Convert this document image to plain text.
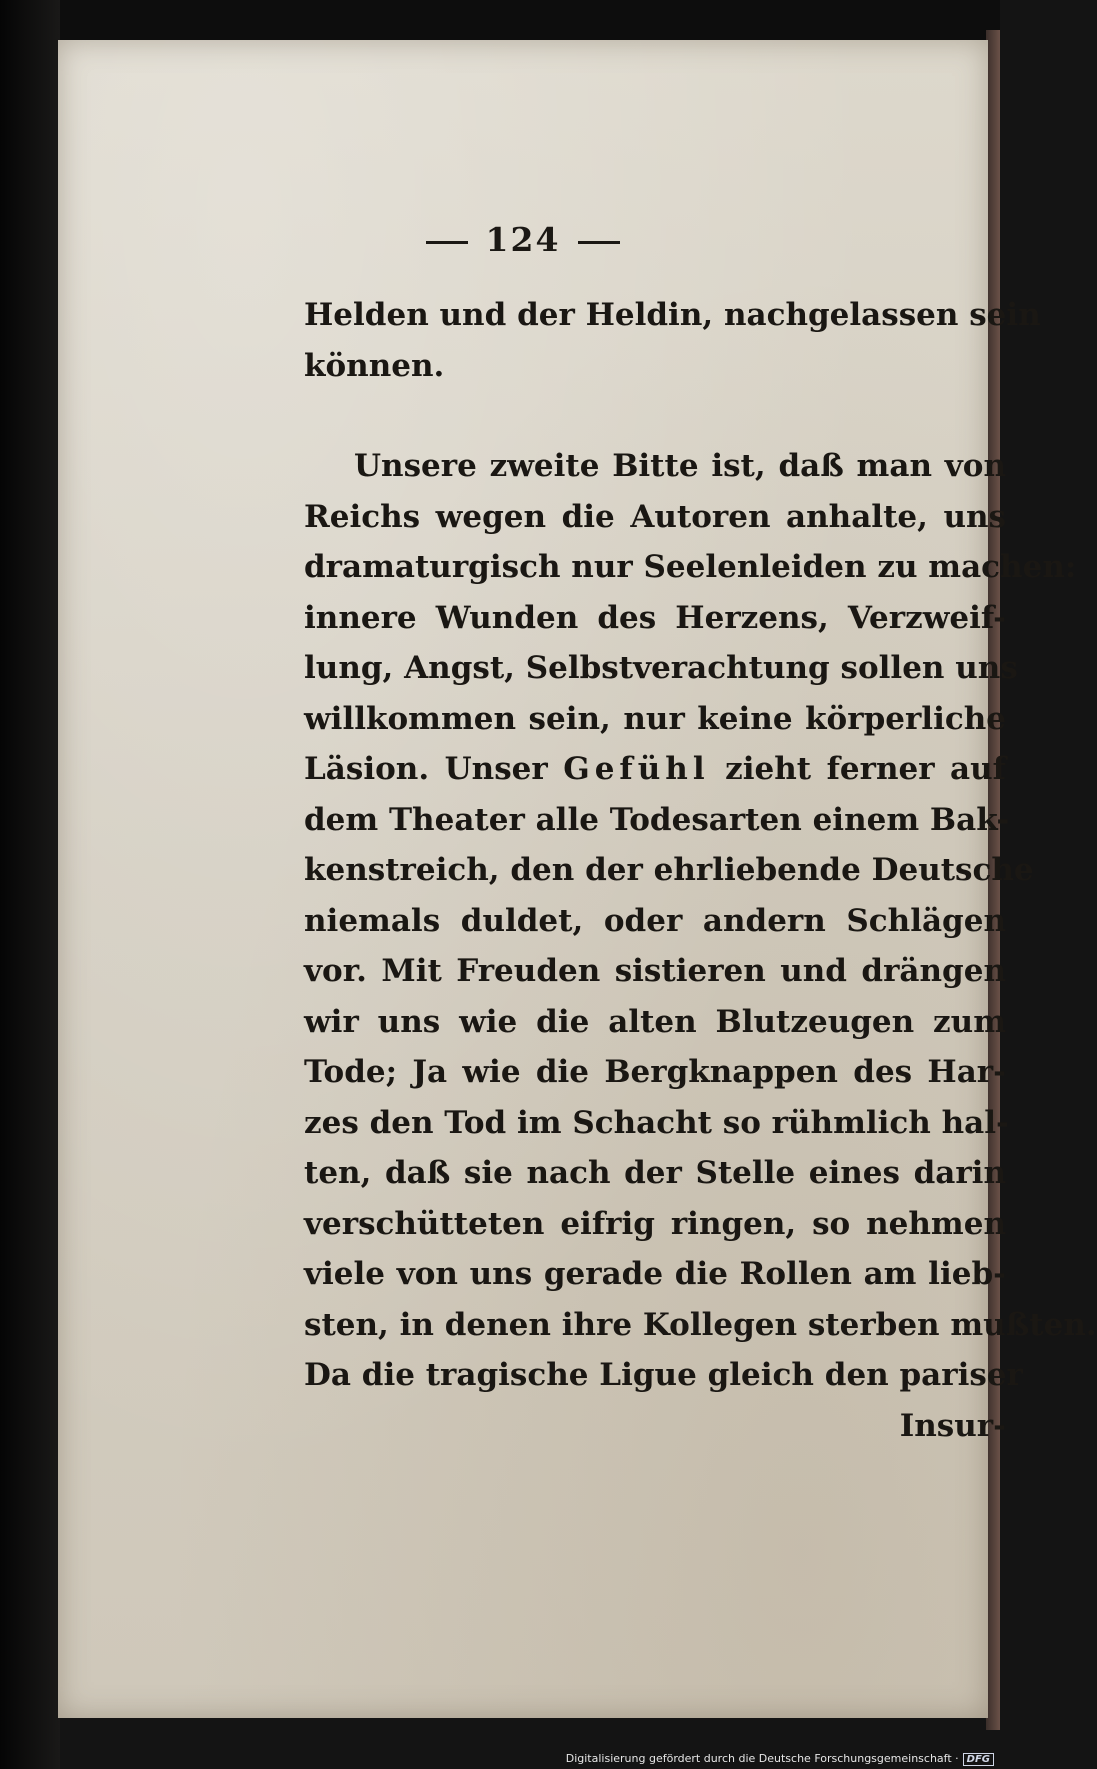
124
Helden und der Heldin, nachgelassen sein
können.
Unsere zweite Bitte ist, daß man von
Reichs wegen die Autoren anhalte, uns
dramaturgisch nur Seelenleiden zu machen:
innere Wunden des Herzens, Verzweif-
lung, Angst, Selbstverachtung sollen uns
willkommen sein, nur keine körperliche
Läsion. Unser Gefühl zieht ferner auf
dem Theater alle Todesarten einem Bak-
kenstreich, den der ehrliebende Deutsche
niemals duldet, oder andern Schlägen
vor. Mit Freuden sistieren und drängen
wir uns wie die alten Blutzeugen zum
Tode; Ja wie die Bergknappen des Har-
zes den Tod im Schacht so rühmlich hal-
ten, daß sie nach der Stelle eines darin
verschütteten eifrig ringen, so nehmen
viele von uns gerade die Rollen am lieb-
sten, in denen ihre Kollegen sterben mußten.
Da die tragische Ligue gleich den pariser
Insur-
Digitalisierung gefördert durch die Deutsche Forschungsgemeinschaft · DFG
